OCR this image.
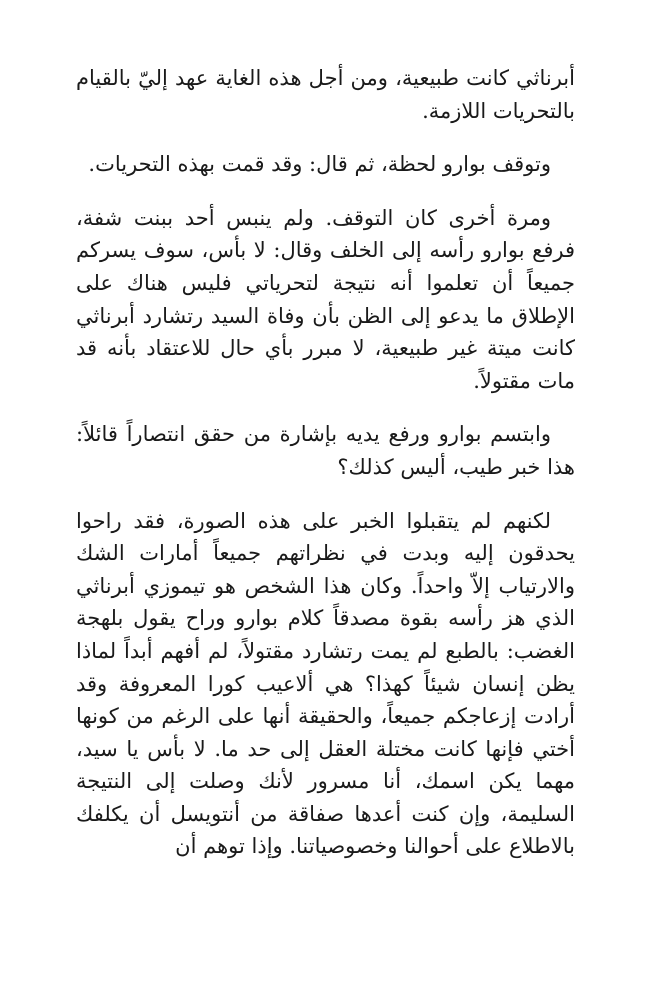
أبرناثي كانت طبيعية، ومن أجل هذه الغاية عهد إليّ بالقيام بالتحريات اللازمة.

وتوقف بوارو لحظة، ثم قال: وقد قمت بهذه التحريات.

ومرة أخرى كان التوقف. ولم ينبس أحد ببنت شفة، فرفع بوارو رأسه إلى الخلف وقال: لا بأس، سوف يسركم جميعاً أن تعلموا أنه نتيجة لتحرياتي فليس هناك على الإطلاق ما يدعو إلى الظن بأن وفاة السيد رتشارد أبرناثي كانت ميتة غير طبيعية، لا مبرر بأي حال للاعتقاد بأنه قد مات مقتولاً.

وابتسم بوارو ورفع يديه بإشارة من حقق انتصاراً قائلاً: هذا خبر طيب، أليس كذلك؟

لكنهم لم يتقبلوا الخبر على هذه الصورة، فقد راحوا يحدقون إليه وبدت في نظراتهم جميعاً أمارات الشك والارتياب إلاّ واحداً. وكان هذا الشخص هو تيموزي أبرناثي الذي هز رأسه بقوة مصدقاً كلام بوارو وراح يقول بلهجة الغضب: بالطبع لم يمت رتشارد مقتولاً، لم أفهم أبداً لماذا يظن إنسان شيئاً كهذا؟ هي ألاعيب كورا المعروفة وقد أرادت إزعاجكم جميعاً، والحقيقة أنها على الرغم من كونها أختي فإنها كانت مختلة العقل إلى حد ما. لا بأس يا سيد، مهما يكن اسمك، أنا مسرور لأنك وصلت إلى النتيجة السليمة، وإن كنت أعدها صفاقة من أنتويسل أن يكلفك بالاطلاع على أحوالنا وخصوصياتنا. وإذا توهم أن
